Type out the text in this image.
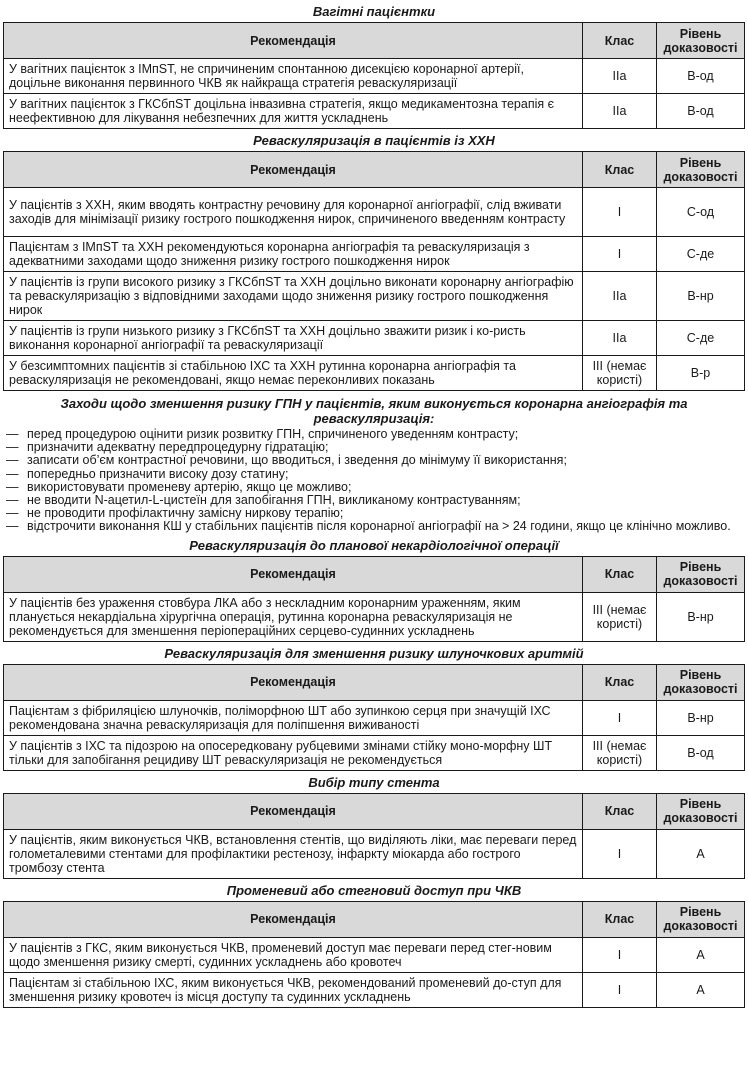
Вагітні пацієнтки

Рекомендація	Клас	Рівень доказовості
У вагітних пацієнток з IMпST, не спричиненим спонтанною дисекцією коронарної артерії, доцільне виконання первинного ЧКВ як найкраща стратегія реваскуляризації	IIa	B-од
У вагітних пацієнток з ГКСбпST доцільна інвазивна стратегія, якщо медикаментозна терапія є неефективною для лікування небезпечних для життя ускладнень	IIa	B-од

Реваскуляризація в пацієнтів із ХХН

Рекомендація	Клас	Рівень доказовості
У пацієнтів з ХХН, яким вводять контрастну речовину для коронарної ангіографії, слід вживати заходів для мінімізації ризику гострого пошкодження нирок, спричиненого введенням контрасту	I	C-од
Пацієнтам з IMпST та ХХН рекомендуються коронарна ангіографія та реваскуляризація з адекватними заходами щодо зниження ризику гострого пошкодження нирок	I	C-де
У пацієнтів із групи високого ризику з ГКСбпST та ХХН доцільно виконати коронарну ангіографію та реваскуляризацію з відповідними заходами щодо зниження ризику гострого пошкодження нирок	IIa	B-нр
У пацієнтів із групи низького ризику з ГКСбпST та ХХН доцільно зважити ризик і ко-ристь виконання коронарної ангіографії та реваскуляризації	IIa	C-де
У безсимптомних пацієнтів зі стабільною ІХС та ХХН рутинна коронарна ангіографія та реваскуляризація не рекомендовані, якщо немає переконливих показань	III (немає користі)	B-р
Заходи щодо зменшення ризику ГПН у пацієнтів, яким виконується коронарна ангіографія та реваскуляризація:
— перед процедурою оцінити ризик розвитку ГПН, спричиненого уведенням контрасту;
— призначити адекватну передпроцедурну гідратацію;
— записати об’єм контрастної речовини, що вводиться, і зведення до мінімуму її використання;
— попередньо призначити високу дозу статину;
— використовувати променеву артерію, якщо це можливо;
— не вводити N-ацетил-L-цистеїн для запобігання ГПН, викликаному контрастуванням;
— не проводити профілактичну замісну ниркову терапію;
— відстрочити виконання КШ у стабільних пацієнтів після коронарної ангіографії на > 24 години, якщо це клінічно можливо.

Реваскуляризація до планової некардіологічної операції

Рекомендація	Клас	Рівень доказовості
У пацієнтів без ураження стовбура ЛКА або з нескладним коронарним ураженням, яким планується некардіальна хірургічна операція, рутинна коронарна реваскуляризація не рекомендується для зменшення періопераційних серцево-судинних ускладнень	III (немає користі)	B-нр

Реваскуляризація для зменшення ризику шлуночкових аритмій

Рекомендація	Клас	Рівень доказовості
Пацієнтам з фібриляцією шлуночків, поліморфною ШТ або зупинкою серця при значущій ІХС рекомендована значна реваскуляризація для поліпшення виживаності	I	B-нр
У пацієнтів з ІХС та підозрою на опосередковану рубцевими змінами стійку моно-морфну ШТ тільки для запобігання рецидиву ШТ реваскуляризація не рекомендується	III (немає користі)	B-од

Вибір типу стента

Рекомендація	Клас	Рівень доказовості
У пацієнтів, яким виконується ЧКВ, встановлення стентів, що виділяють ліки, має переваги перед голометалевими стентами для профілактики рестенозу, інфаркту міокарда або гострого тромбозу стента	I	A

Променевий або стегновий доступ при ЧКВ

Рекомендація	Клас	Рівень доказовості
У пацієнтів з ГКС, яким виконується ЧКВ, променевий доступ має переваги перед стег-новим щодо зменшення ризику смерті, судинних ускладнень або кровотеч	I	A
Пацієнтам зі стабільною ІХС, яким виконується ЧКВ, рекомендований променевий до-ступ для зменшення ризику кровотеч із місця доступу та судинних ускладнень	I	A
